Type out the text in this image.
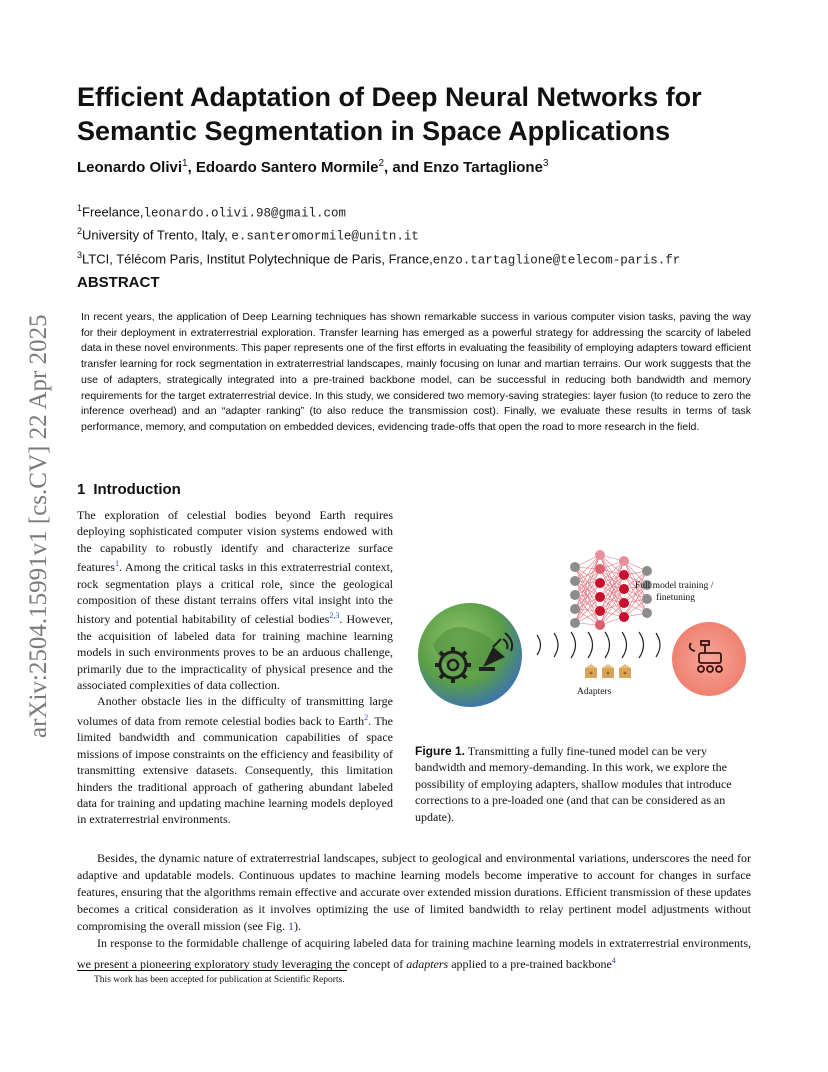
arXiv:2504.15991v1 [cs.CV] 22 Apr 2025
Efficient Adaptation of Deep Neural Networks for Semantic Segmentation in Space Applications
Leonardo Olivi$^1$, Edoardo Santero Mormile$^2$, and Enzo Tartaglione$^3$
$^1$Freelance,leonardo.olivi.98@gmail.com
$^2$University of Trento, Italy, e.santeromormile@unitn.it
$^3$LTCI, Télécom Paris, Institut Polytechnique de Paris, France,enzo.tartaglione@telecom-paris.fr
ABSTRACT
In recent years, the application of Deep Learning techniques has shown remarkable success in various computer vision tasks, paving the way for their deployment in extraterrestrial exploration. Transfer learning has emerged as a powerful strategy for addressing the scarcity of labeled data in these novel environments. This paper represents one of the first efforts in evaluating the feasibility of employing adapters toward efficient transfer learning for rock segmentation in extraterrestrial landscapes, mainly focusing on lunar and martian terrains. Our work suggests that the use of adapters, strategically integrated into a pre-trained backbone model, can be successful in reducing both bandwidth and memory requirements for the target extraterrestrial device. In this study, we considered two memory-saving strategies: layer fusion (to reduce to zero the inference overhead) and an “adapter ranking” (to also reduce the transmission cost). Finally, we evaluate these results in terms of task performance, memory, and computation on embedded devices, evidencing trade-offs that open the road to more research in the field.
1 Introduction

The exploration of celestial bodies beyond Earth requires deploying sophisticated computer vision systems endowed with the capability to robustly identify and characterize surface features$^1$. Among the critical tasks in this extraterrestrial context, rock segmentation plays a critical role, since the geological composition of these distant terrains offers vital insight into the history and potential habitability of celestial bodies$^{2,3}$. However, the acquisition of labeled data for training machine learning models in such environments proves to be an arduous challenge, primarily due to the impracticality of physical presence and the associated complexities of data collection.

Another obstacle lies in the difficulty of transmitting large volumes of data from remote celestial bodies back to Earth$^2$. The limited bandwidth and communication capabilities of space missions of impose constraints on the efficiency and feasibility of transmitting extensive datasets. Consequently, this limitation hinders the traditional approach of gathering abundant labeled data for training and updating machine learning models deployed in extraterrestrial environments.

Full model training /
finetuning
Adapters
Figure 1. Transmitting a fully fine-tuned model can be very bandwidth and memory-demanding. In this work, we explore the possibility of employing adapters, shallow modules that introduce corrections to a pre-loaded one (and that can be considered as an update).

Besides, the dynamic nature of extraterrestrial landscapes, subject to geological and environmental variations, underscores the need for adaptive and updatable models. Continuous updates to machine learning models become imperative to account for changes in surface features, ensuring that the algorithms remain effective and accurate over extended mission durations. Efficient transmission of these updates becomes a critical consideration as it involves optimizing the use of limited bandwidth to relay pertinent model adjustments without compromising the overall mission (see Fig. 1).

In response to the formidable challenge of acquiring labeled data for training machine learning models in extraterrestrial environments, we present a pioneering exploratory study leveraging the concept of adapters applied to a pre-trained backbone$^4$

This work has been accepted for publication at Scientific Reports.
